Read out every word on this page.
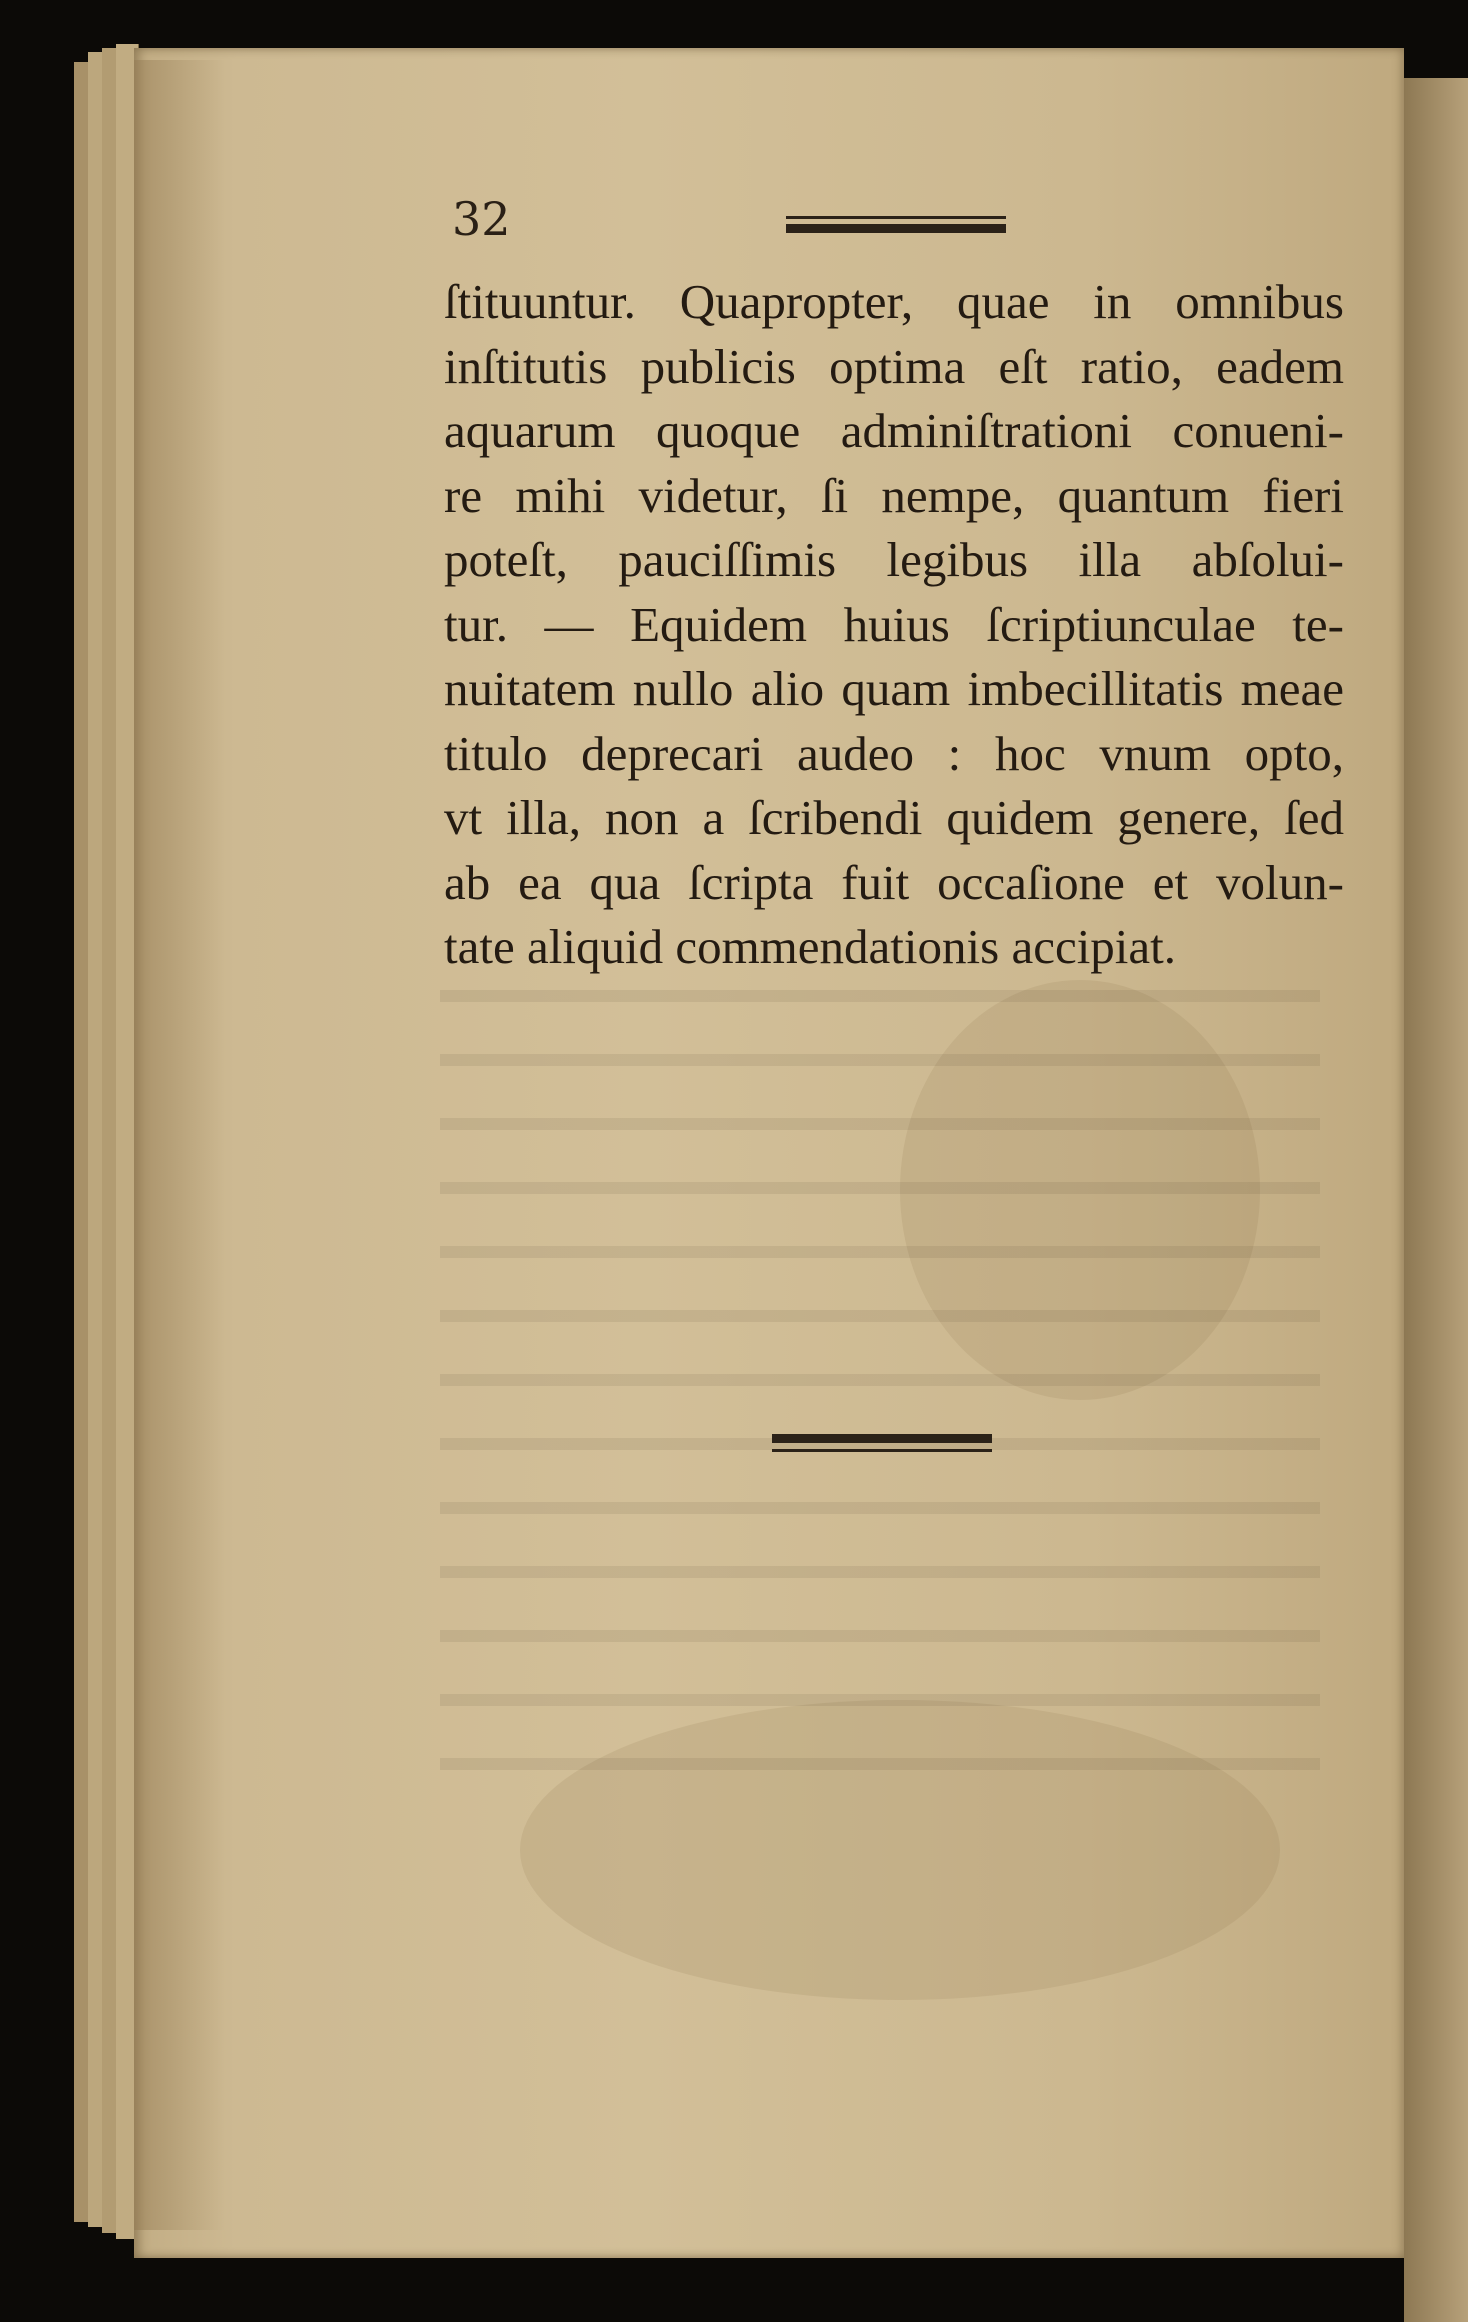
32

ſtituuntur. Quapropter, quae in omnibus
inſtitutis publicis optima eſt ratio, eadem
aquarum quoque adminiſtrationi conueni-
re mihi videtur, ſi nempe, quantum fieri
poteſt, pauciſſimis legibus illa abſolui-
tur. — Equidem huius ſcriptiunculae te-
nuitatem nullo alio quam imbecillitatis meae
titulo deprecari audeo : hoc vnum opto,
vt illa, non a ſcribendi quidem genere, ſed
ab ea qua ſcripta fuit occaſione et volun-
tate aliquid commendationis accipiat.
